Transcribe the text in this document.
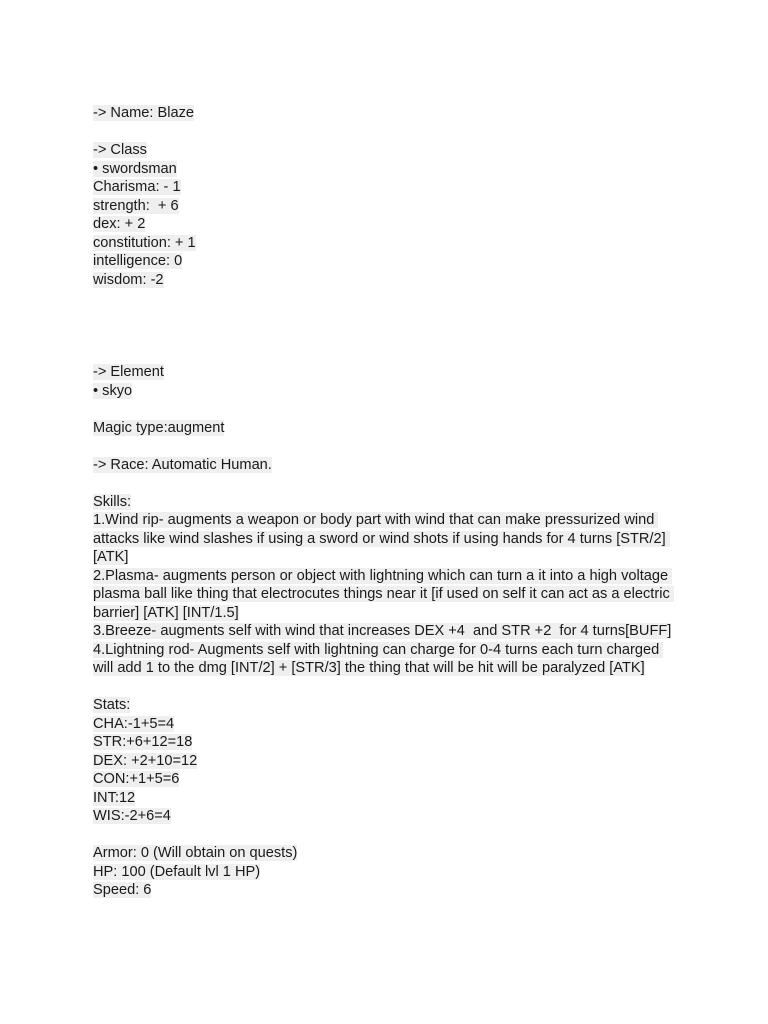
-> Name: Blaze

-> Class

• swordsman

Charisma: - 1

strength:  + 6

dex: + 2

constitution: + 1

intelligence: 0

wisdom: -2

-> Element

• skyo

Magic type:augment

-> Race: Automatic Human.

Skills:

1.Wind rip- augments a weapon or body part with wind that can make pressurized wind attacks like wind slashes if using a sword or wind shots if using hands for 4 turns [STR/2] [ATK]

2.Plasma- augments person or object with lightning which can turn a it into a high voltage plasma ball like thing that electrocutes things near it [if used on self it can act as a electric barrier] [ATK] [INT/1.5]

3.Breeze- augments self with wind that increases DEX +4  and STR +2  for 4 turns[BUFF]

4.Lightning rod- Augments self with lightning can charge for 0-4 turns each turn charged will add 1 to the dmg [INT/2] + [STR/3] the thing that will be hit will be paralyzed [ATK]

Stats:

CHA:-1+5=4

STR:+6+12=18

DEX: +2+10=12

CON:+1+5=6

INT:12

WIS:-2+6=4

Armor: 0 (Will obtain on quests)

HP: 100 (Default lvl 1 HP)

Speed: 6
